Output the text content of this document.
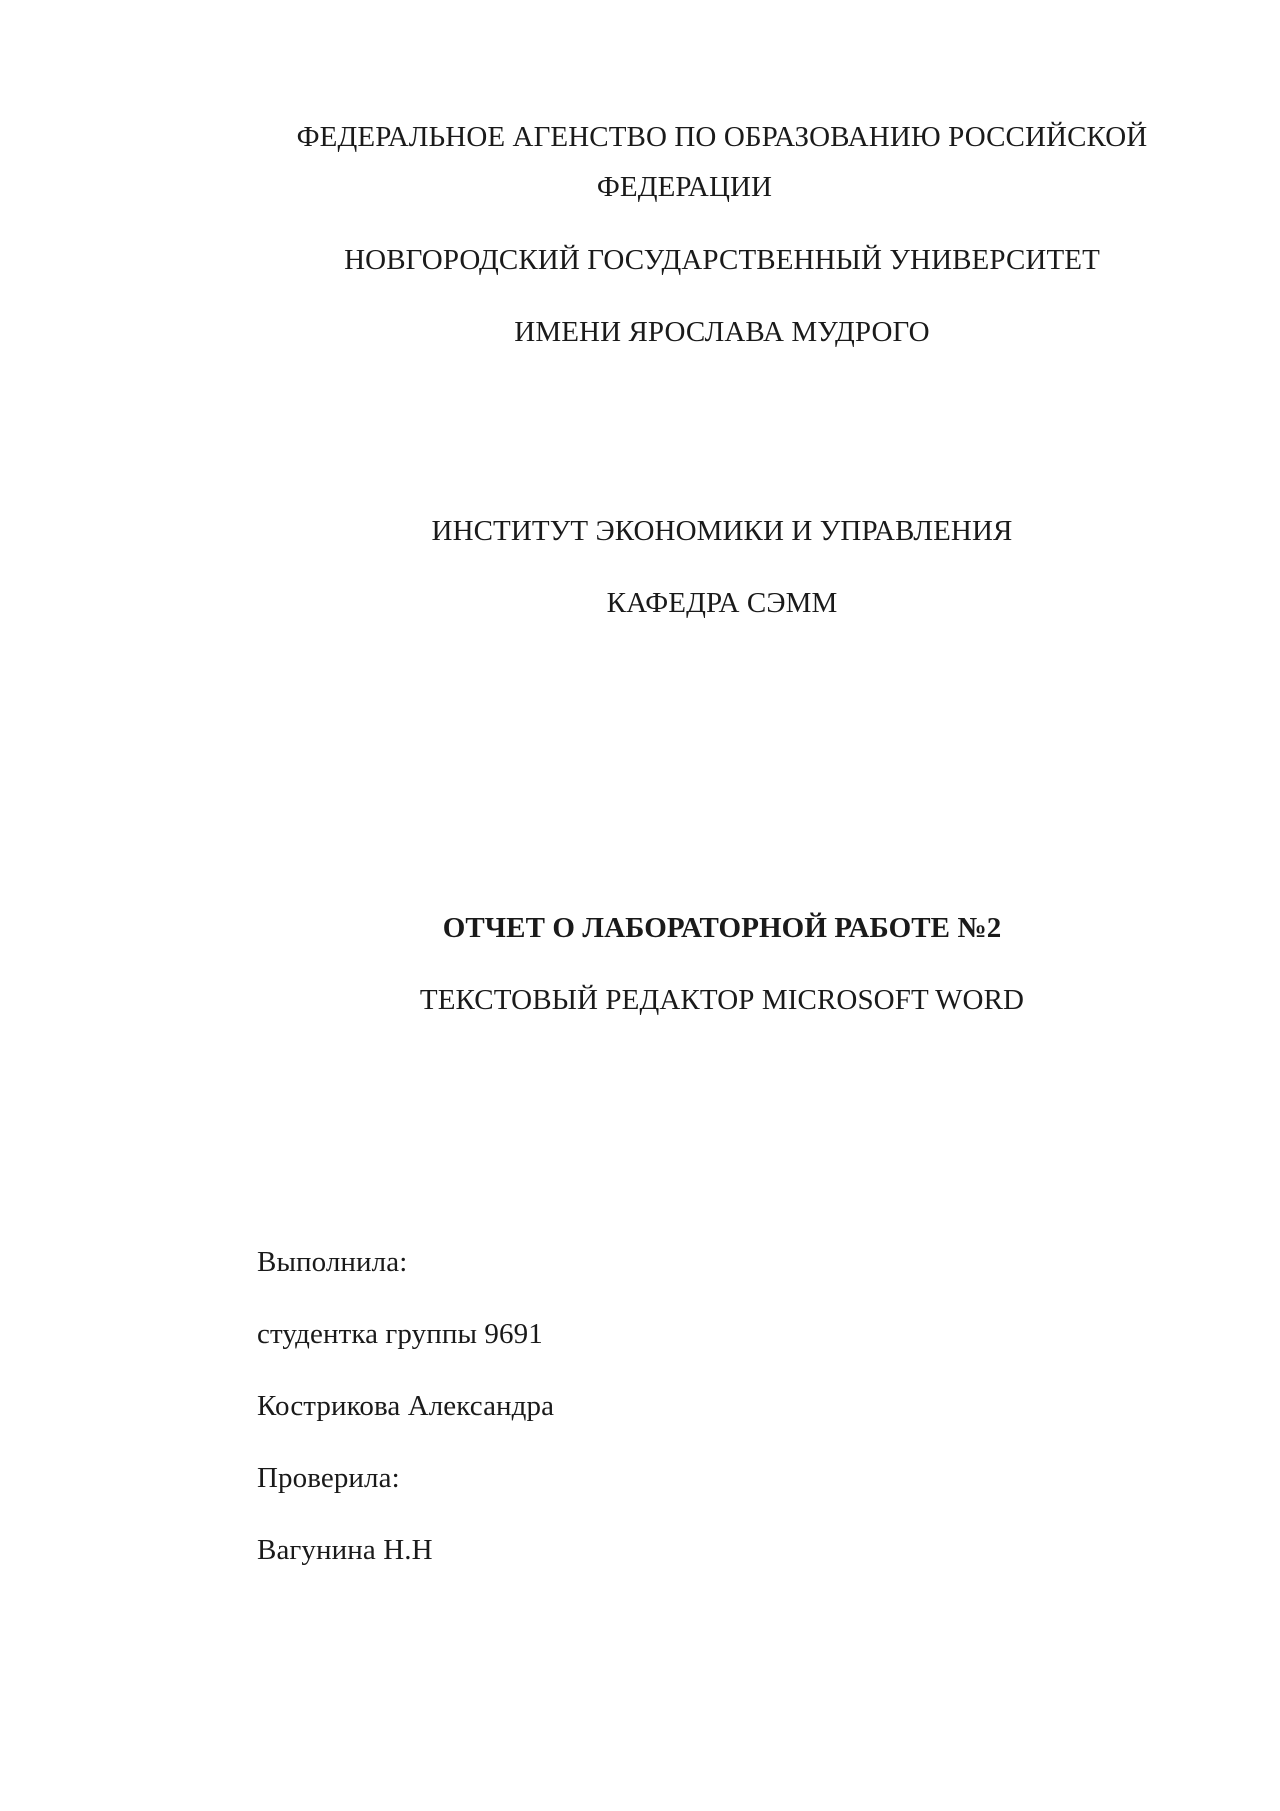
ФЕДЕРАЛЬНОЕ АГЕНСТВО ПО ОБРАЗОВАНИЮ РОССИЙСКОЙ

ФЕДЕРАЦИИ

НОВГОРОДСКИЙ ГОСУДАРСТВЕННЫЙ УНИВЕРСИТЕТ

ИМЕНИ ЯРОСЛАВА МУДРОГО

ИНСТИТУТ ЭКОНОМИКИ И УПРАВЛЕНИЯ

КАФЕДРА СЭММ

ОТЧЕТ О ЛАБОРАТОРНОЙ РАБОТЕ №2

ТЕКСТОВЫЙ РЕДАКТОР MICROSOFT WORD

Выполнила:

студентка группы 9691

Кострикова Александра

Проверила:

Вагунина Н.Н
